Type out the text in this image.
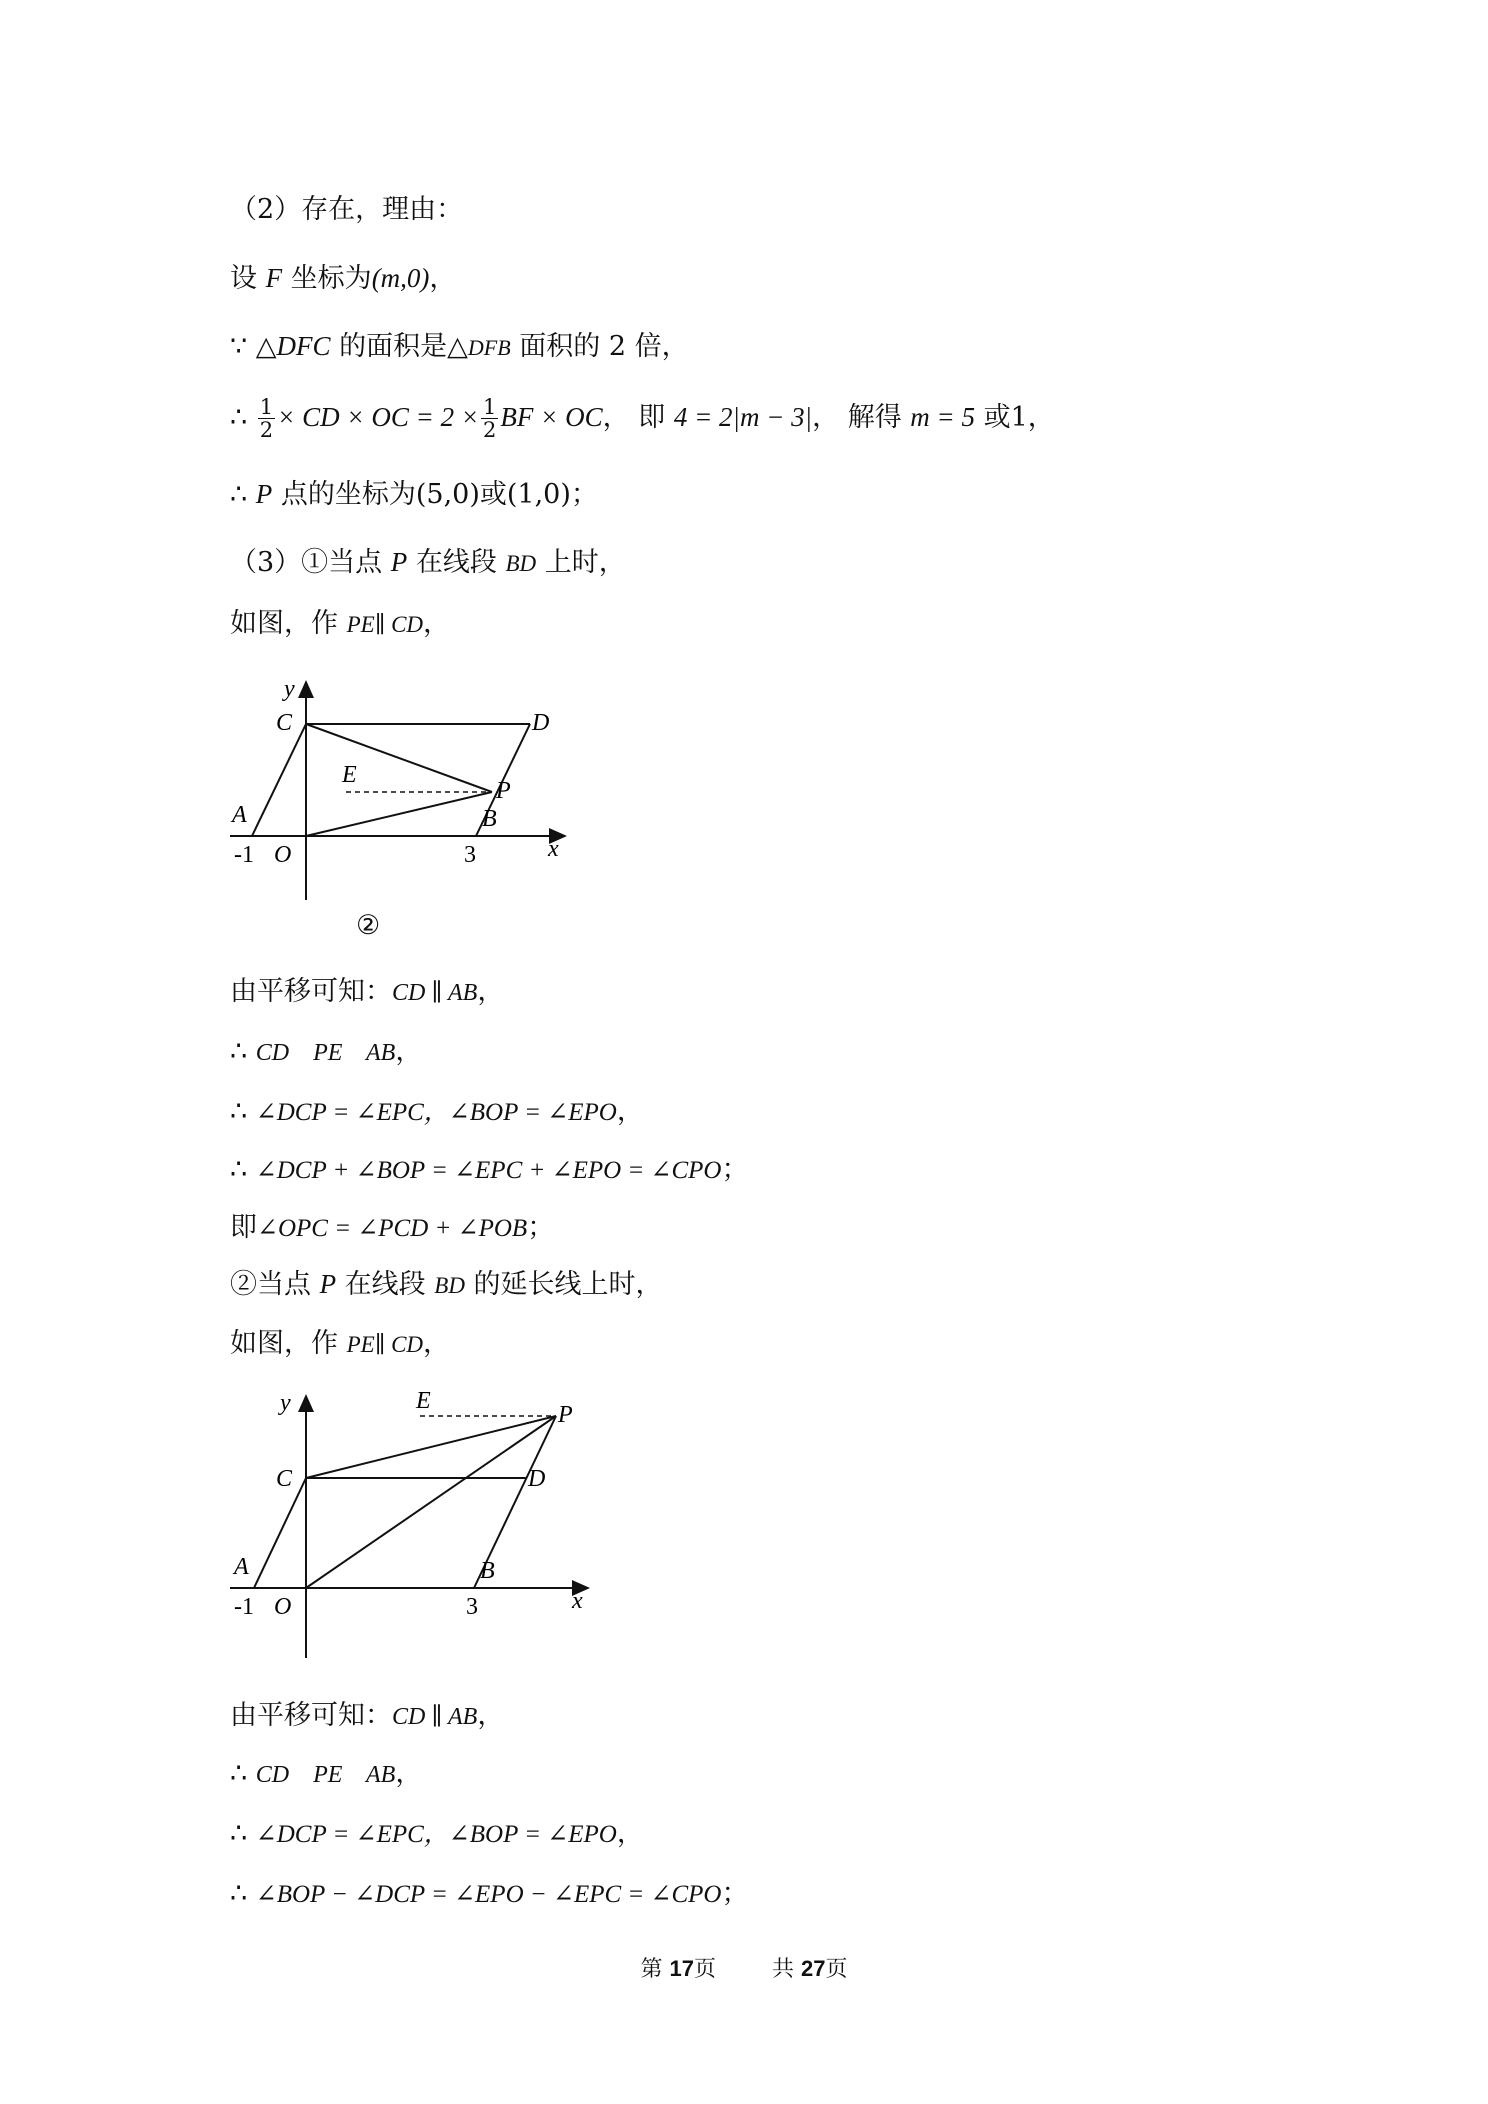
（2）存在，理由：
设 F 坐标为(m,0)，
∵ △DFC 的面积是△DFB 面积的 2 倍，
∴ $\frac{1}{2}$ × CD × OC = $2 \times \frac{1}{2}$ BF × OC， 即 4 = 2|m − 3|， 解得 m = 5 或1，
∴ P 点的坐标为(5,0)或(1,0)；
（3）①当点 P 在线段 BD 上时，
如图，作 PE∥ CD，
y
C	D
E
P
A	B
-1 O	3	x
②
由平移可知：CD ∥ AB，
∴ CD    PE    AB，
∴ ∠DCP = ∠EPC，∠BOP = ∠EPO，
∴ ∠DCP + ∠BOP = ∠EPC + ∠EPO = ∠CPO；
即∠OPC = ∠PCD + ∠POB；
②当点 P 在线段 BD 的延长线上时，
如图，作 PE∥ CD，
y	E
P
C	D
A	B
-1 O	3	x
由平移可知：CD ∥ AB，
∴ CD    PE    AB，
∴ ∠DCP = ∠EPC，∠BOP = ∠EPO，
∴ ∠BOP − ∠DCP = ∠EPO − ∠EPC = ∠CPO；
第 17页        共 27页
